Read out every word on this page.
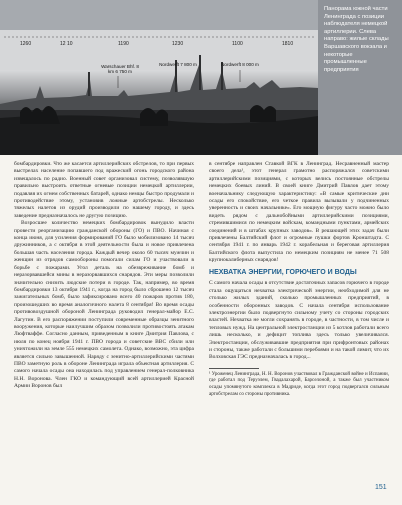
1260	12 10	1190	1230	1100	1810
Warschauer Bhf. 8 km 6 750 m
Nordwerft 7 800 m	Nordwerft 8 000 m

Панорама южной части Ленинграда с позиции наблюдателя немецкой артиллерии. Слева направо: жилые склады Варшавского вокзала и некоторые промышленные предприятия

бомбардировки. Что же касается артиллерийских обстрелов, то при первых выстрелах население попавшего под вражеский огонь городского района извещалось по радио. Военный совет организовал систему, позволявшую правильно выстроить ответные огневые позиции немецкой артиллерии, подавляя их огнем собственных батарей, однако немцы быстро продумали и противодействие этому, установив ложные артобстрелы. Несколько тяжелых налетов из орудий производили по нашему городу, и здесь заведение предназначалось не другую позицию.

Возросшее количество немецких бомбардировок вынудило власти провести реорганизацию гражданской обороны (ГО) и ПВО. Начиная с конца июня, для усиления формирований ГО было мобилизовано 14 тысяч дружинников, а с октября в этой деятельности была и новое привлечена большая часть населения города. Каждый вечер около 60 тысяч мужчин и женщин из отрядов самообороны помогали силам ГО и участвовали в борьбе с пожарами. Угол деталь на обезвреживание бомб и неразорвавшейся мины в неразорвавшихся снарядов. Эти меры позволили значительно снизить людские потери в городе. Так, например, во время бомбардировки 13 октября 1941 г., когда на город было сброшено 12 тысяч зажигательных бомб, было зафиксировано всего 40 пожаров против 180, произошедших во время аналогичного налета 8 сентября! Во время осады противовоздушной обороной Ленинграда руководил генерал-майор Е.С. Лагутин. В его распоряжении поступили современные образцы зенитного вооружения, которые наилучшим образом позволили противостоять атакам Люфтваффе. Согласно данным, приведенным в книге Дмитрия Павлова, с июля по конец ноября 1941 г. ПВО города и советские ВВС сбили или уничтожили на земле 555 немецких самолета. Однако, возможно, эта цифра является сильно завышенной. Наряду с зенитно-артиллерийскими частями ПВО заметную роль в обороне Ленинграда играла объектная артиллерия. С самого начала осады она находилась под управлением генерал-полковника Н.Н. Воронова. Член ГКО и командующий всей артиллерией Красной Армии Воронов был

в сентябре направлен Ставкой ВГК в Ленинград. Несравненный мастер своего дела¹, этот генерал грамотно распоряжался советскими артиллерийскими позициями, с которых велись постоянные обстрелы немецких боевых линий. В своей книге Дмитрий Павлов дает этому военачальнику следующую характеристику: «В самые критические дни осады его спокойствие, его четкое правила вызывали у подчиненных уверенность и своих начальнике». Его мощную фигуру часто можно было видеть рядом с дальнобойными артиллерийскими позициями, стремившимися по немецким войскам, командными пунктами, армейских соединений и в штабах крупных заводов». В решающей этих задач были привлечены Балтийский флот и огромные пушки фортов Кронштадта. С сентября 1941 г. по январь 1942 г. корабельная и береговая артиллерия Балтийского флота выпустила по немецким позициям не менее 71 508 крупнокалиберных снарядов!

НЕХВАТКА ЭНЕРГИИ, ГОРЮЧЕГО И ВОДЫ

С самого начала осады в отсутствие достаточных запасов горючего в городе стала ощущаться нехватка электрической энергии, необходимой для не столько жилых зданий, сколько промышленных предприятий, в особенности оборонных заводов. С начала сентября использование электроэнергии было подвергнуто сильному учету со стороны городских властей. Нехватка не могли сохранять в городе, в частности, в том числе и тепловых нужд. На центральной электростанции из 5 котлов работали всего лишь несколько, и дефицит топлива здесь только увеличивался. Электростанции, обслуживавшие предприятия при прифронтовых районах и стороны, также работали с большими перебоями и на такой лимит, что их Волховская ГЭС предназначалась в город...

¹ Уроженец Ленинграда, Н. Н. Воронов участвовал в Гражданской войне и Испании, где работал под Теруэлем, Гвадалахарой, Барселоной, а также был участником осады упомянутого комплекса в Мадриде, когда этот город подвергался сильным артобстрелам со стороны противника.

151
